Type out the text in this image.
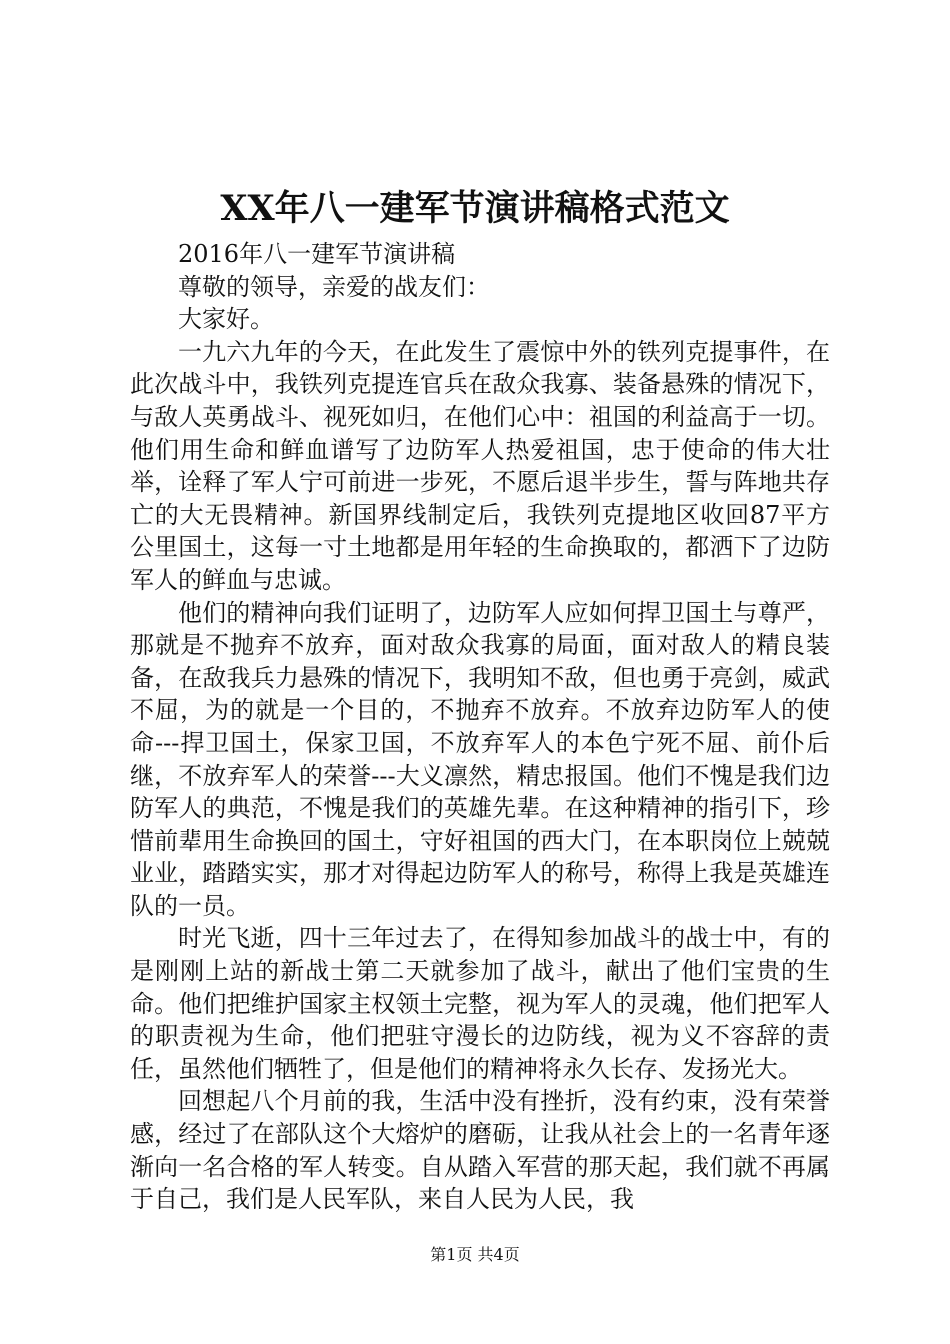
XX年八一建军节演讲稿格式范文

2016年八一建军节演讲稿

尊敬的领导，亲爱的战友们：

大家好。

一九六九年的今天，在此发生了震惊中外的铁列克提事件，在此次战斗中，我铁列克提连官兵在敌众我寡、装备悬殊的情况下，与敌人英勇战斗、视死如归，在他们心中：祖国的利益高于一切。他们用生命和鲜血谱写了边防军人热爱祖国，忠于使命的伟大壮举，诠释了军人宁可前进一步死，不愿后退半步生，誓与阵地共存亡的大无畏精神。新国界线制定后，我铁列克提地区收回87平方公里国土，这每一寸土地都是用年轻的生命换取的，都洒下了边防军人的鲜血与忠诚。

他们的精神向我们证明了，边防军人应如何捍卫国土与尊严，那就是不抛弃不放弃，面对敌众我寡的局面，面对敌人的精良装备，在敌我兵力悬殊的情况下，我明知不敌，但也勇于亮剑，威武不屈，为的就是一个目的，不抛弃不放弃。不放弃边防军人的使命---捍卫国土，保家卫国，不放弃军人的本色宁死不屈、前仆后继，不放弃军人的荣誉---大义凛然，精忠报国。他们不愧是我们边防军人的典范，不愧是我们的英雄先辈。在这种精神的指引下，珍惜前辈用生命换回的国土，守好祖国的西大门，在本职岗位上兢兢业业，踏踏实实，那才对得起边防军人的称号，称得上我是英雄连队的一员。

时光飞逝，四十三年过去了，在得知参加战斗的战士中，有的是刚刚上站的新战士第二天就参加了战斗，献出了他们宝贵的生命。他们把维护国家主权领土完整，视为军人的灵魂，他们把军人的职责视为生命，他们把驻守漫长的边防线，视为义不容辞的责任，虽然他们牺牲了，但是他们的精神将永久长存、发扬光大。

回想起八个月前的我，生活中没有挫折，没有约束，没有荣誉感，经过了在部队这个大熔炉的磨砺，让我从社会上的一名青年逐渐向一名合格的军人转变。自从踏入军营的那天起，我们就不再属于自己，我们是人民军队，来自人民为人民，我

第1页 共4页
